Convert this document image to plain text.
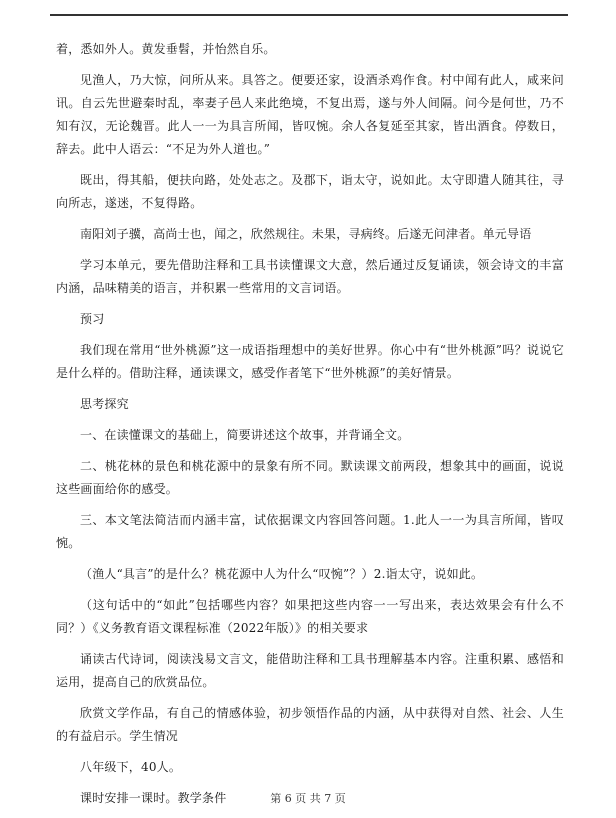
着，悉如外人。黄发垂髫，并怡然自乐。

见渔人，乃大惊，问所从来。具答之。便要还家，设酒杀鸡作食。村中闻有此人，咸来问讯。自云先世避秦时乱，率妻子邑人来此绝境，不复出焉，遂与外人间隔。问今是何世，乃不知有汉，无论魏晋。此人一一为具言所闻，皆叹惋。余人各复延至其家，皆出酒食。停数日，辞去。此中人语云：“不足为外人道也。”

既出，得其船，便扶向路，处处志之。及郡下，诣太守，说如此。太守即遣人随其往，寻向所志，遂迷，不复得路。

南阳刘子骥，高尚士也，闻之，欣然规往。未果，寻病终。后遂无问津者。单元导语

学习本单元，要先借助注释和工具书读懂课文大意，然后通过反复诵读，领会诗文的丰富内涵，品味精美的语言，并积累一些常用的文言词语。

预习

我们现在常用“世外桃源”这一成语指理想中的美好世界。你心中有“世外桃源”吗？说说它是什么样的。借助注释，通读课文，感受作者笔下“世外桃源”的美好情景。

思考探究

一、在读懂课文的基础上，简要讲述这个故事，并背诵全文。

二、桃花林的景色和桃花源中的景象有所不同。默读课文前两段，想象其中的画面，说说这些画面给你的感受。

三、本文笔法简洁而内涵丰富，试依据课文内容回答问题。1.此人一一为具言所闻，皆叹惋。

（渔人“具言”的是什么？桃花源中人为什么“叹惋”？）2.诣太守，说如此。

（这句话中的“如此”包括哪些内容？如果把这些内容一一写出来，表达效果会有什么不同？）《义务教育语文课程标准（2022年版）》的相关要求

诵读古代诗词，阅读浅易文言文，能借助注释和工具书理解基本内容。注重积累、感悟和运用，提高自己的欣赏品位。

欣赏文学作品，有自己的情感体验，初步领悟作品的内涵，从中获得对自然、社会、人生的有益启示。学生情况

八年级下，40人。

课时安排一课时。教学条件	第 6 页 共 7 页
